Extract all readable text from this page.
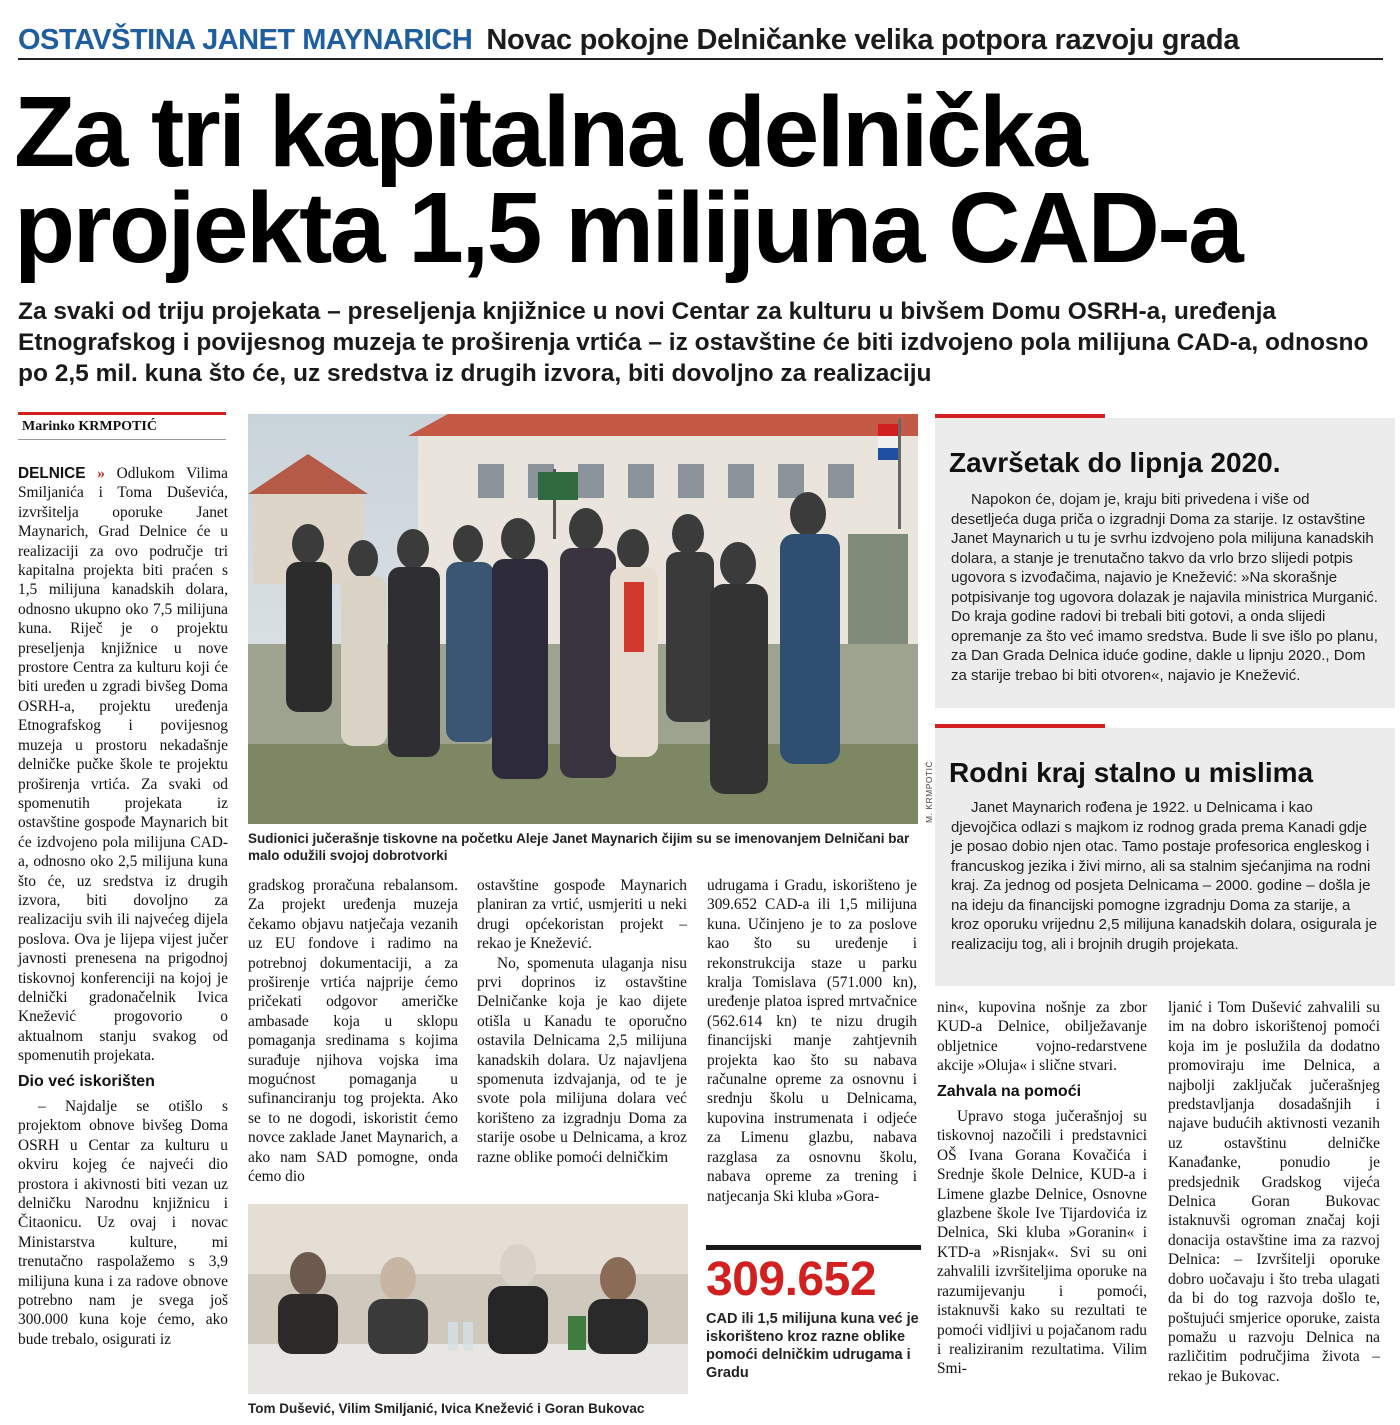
OSTAVŠTINA JANET MAYNARICH Novac pokojne Delničanke velika potpora razvoju grada
Za tri kapitalna delnička
projekta 1,5 milijuna CAD-a
Za svaki od triju projekata – preseljenja knjižnice u novi Centar za kulturu u bivšem Domu OSRH-a, uređenja Etnografskog i povijesnog muzeja te proširenja vrtića – iz ostavštine će biti izdvojeno pola milijuna CAD-a, odnosno po 2,5 mil. kuna što će, uz sredstva iz drugih izvora, biti dovoljno za realizaciju
Marinko KRMPOTIĆ

DELNICE » Odlukom Vilima Smiljanića i Toma Duševića, izvršitelja oporuke Janet Maynarich, Grad Delnice će u realizaciji za ovo područje tri kapitalna projekta biti praćen s 1,5 milijuna kanadskih dolara, odnosno ukupno oko 7,5 milijuna kuna. Riječ je o projektu preseljenja knjižnice u nove prostore Centra za kulturu koji će biti uređen u zgradi bivšeg Doma OSRH-a, projektu uređenja Etnografskog i povijesnog muzeja u prostoru nekadašnje delničke pučke škole te projektu proširenja vrtića. Za svaki od spomenutih projekata iz ostavštine gospođe Maynarich bit će izdvojeno pola milijuna CAD-a, odnosno oko 2,5 milijuna kuna što će, uz sredstva iz drugih izvora, biti dovoljno za realizaciju svih ili najvećeg dijela poslova. Ova je lijepa vijest jučer javnosti prenesena na prigodnoj tiskovnoj konferenciji na kojoj je delnički gradonačelnik Ivica Knežević progovorio o aktualnom stanju svakog od spomenutih projekata.

Dio već iskorišten

– Najdalje se otišlo s projektom obnove bivšeg Doma OSRH u Centar za kulturu u okviru kojeg će najveći dio prostora i akivnosti biti vezan uz delničku Narodnu knjižnicu i Čitaonicu. Uz ovaj i novac Ministarstva kulture, mi trenutačno raspolažemo s 3,9 milijuna kuna i za radove obnove potrebno nam je svega još 300.000 kuna koje ćemo, ako bude trebalo, osigurati iz

M. KRMPOTIĆ
Sudionici jučerašnje tiskovne na početku Aleje Janet Maynarich čijim su se imenovanjem Delničani bar malo odužili svojoj dobrotvorki

gradskog proračuna rebalansom. Za projekt uređenja muzeja čekamo objavu natječaja vezanih uz EU fondove i radimo na potrebnoj dokumentaciji, a za proširenje vrtića najprije ćemo pričekati odgovor američke ambasade koja u sklopu pomaganja sredinama s kojima surađuje njihova vojska ima mogućnost pomaganja u sufinanciranju tog projekta. Ako se to ne dogodi, iskoristit ćemo novce zaklade Janet Maynarich, a ako nam SAD pomogne, onda ćemo dio

ostavštine gospođe Maynarich planiran za vrtić, usmjeriti u neki drugi općekoristan projekt – rekao je Knežević.

No, spomenuta ulaganja nisu prvi doprinos iz ostavštine Delničanke koja je kao dijete otišla u Kanadu te oporučno ostavila Delnicama 2,5 milijuna kanadskih dolara. Uz najavljena spomenuta izdvajanja, od te je svote pola milijuna dolara već korišteno za izgradnju Doma za starije osobe u Delnicama, a kroz razne oblike pomoći delničkim

udrugama i Gradu, iskorišteno je 309.652 CAD-a ili 1,5 milijuna kuna. Učinjeno je to za poslove kao što su uređenje i rekonstrukcija staze u parku kralja Tomislava (571.000 kn), uređenje platoa ispred mrtvačnice (562.614 kn) te nizu drugih financijski manje zahtjevnih projekta kao što su nabava računalne opreme za osnovnu i srednju školu u Delnicama, kupovina instrumenata i odjeće za Limenu glazbu, nabava razglasa za osnovnu školu, nabava opreme za trening i natjecanja Ski kluba »Gora-

Tom Dušević, Vilim Smiljanić, Ivica Knežević i Goran Bukovac
309.652
CAD ili 1,5 milijuna kuna već je iskorišteno kroz razne oblike pomoći delničkim udrugama i Gradu
Završetak do lipnja 2020.

Napokon će, dojam je, kraju biti privedena i više od desetljeća duga priča o izgradnji Doma za starije. Iz ostavštine Janet Maynarich u tu je svrhu izdvojeno pola milijuna kanadskih dolara, a stanje je trenutačno takvo da vrlo brzo slijedi potpis ugovora s izvođačima, najavio je Knežević: »Na skorašnje potpisivanje tog ugovora dolazak je najavila ministrica Murganić. Do kraja godine radovi bi trebali biti gotovi, a onda slijedi opremanje za što već imamo sredstva. Bude li sve išlo po planu, za Dan Grada Delnica iduće godine, dakle u lipnju 2020., Dom za starije trebao bi biti otvoren«, najavio je Knežević.

Rodni kraj stalno u mislima

Janet Maynarich rođena je 1922. u Delnicama i kao djevojčica odlazi s majkom iz rodnog grada prema Kanadi gdje je posao dobio njen otac. Tamo postaje profesorica engleskog i francuskog jezika i živi mirno, ali sa stalnim sjećanjima na rodni kraj. Za jednog od posjeta Delnicama – 2000. godine – došla je na ideju da financijski pomogne izgradnju Doma za starije, a kroz oporuku vrijednu 2,5 milijuna kanadskih dolara, osigurala je realizaciju tog, ali i brojnih drugih projekata.

nin«, kupovina nošnje za zbor KUD-a Delnice, obilježavanje obljetnice vojno-redarstvene akcije »Oluja« i slične stvari.

Zahvala na pomoći

Upravo stoga jučerašnjoj su tiskovnoj nazočili i predstavnici OŠ Ivana Gorana Kovačića i Srednje škole Delnice, KUD-a i Limene glazbe Delnice, Osnovne glazbene škole Ive Tijardovića iz Delnica, Ski kluba »Goranin« i KTD-a »Risnjak«. Svi su oni zahvalili izvršiteljima oporuke na razumijevanju i pomoći, istaknuvši kako su rezultati te pomoći vidljivi u pojačanom radu i realiziranim rezultatima. Vilim Smi-

ljanić i Tom Dušević zahvalili su im na dobro iskorištenoj pomoći koja im je poslužila da dodatno promoviraju ime Delnica, a najbolji zaključak jučerašnjeg predstavljanja dosadašnjih i najave budućih aktivnosti vezanih uz ostavštinu delničke Kanađanke, ponudio je predsjednik Gradskog vijeća Delnica Goran Bukovac istaknuvši ogroman značaj koji donacija ostavštine ima za razvoj Delnica: – Izvršitelji oporuke dobro uočavaju i što treba ulagati da bi do tog razvoja došlo te, poštujući smjerice oporuke, zaista pomažu u razvoju Delnica na različitim područjima života – rekao je Bukovac.
